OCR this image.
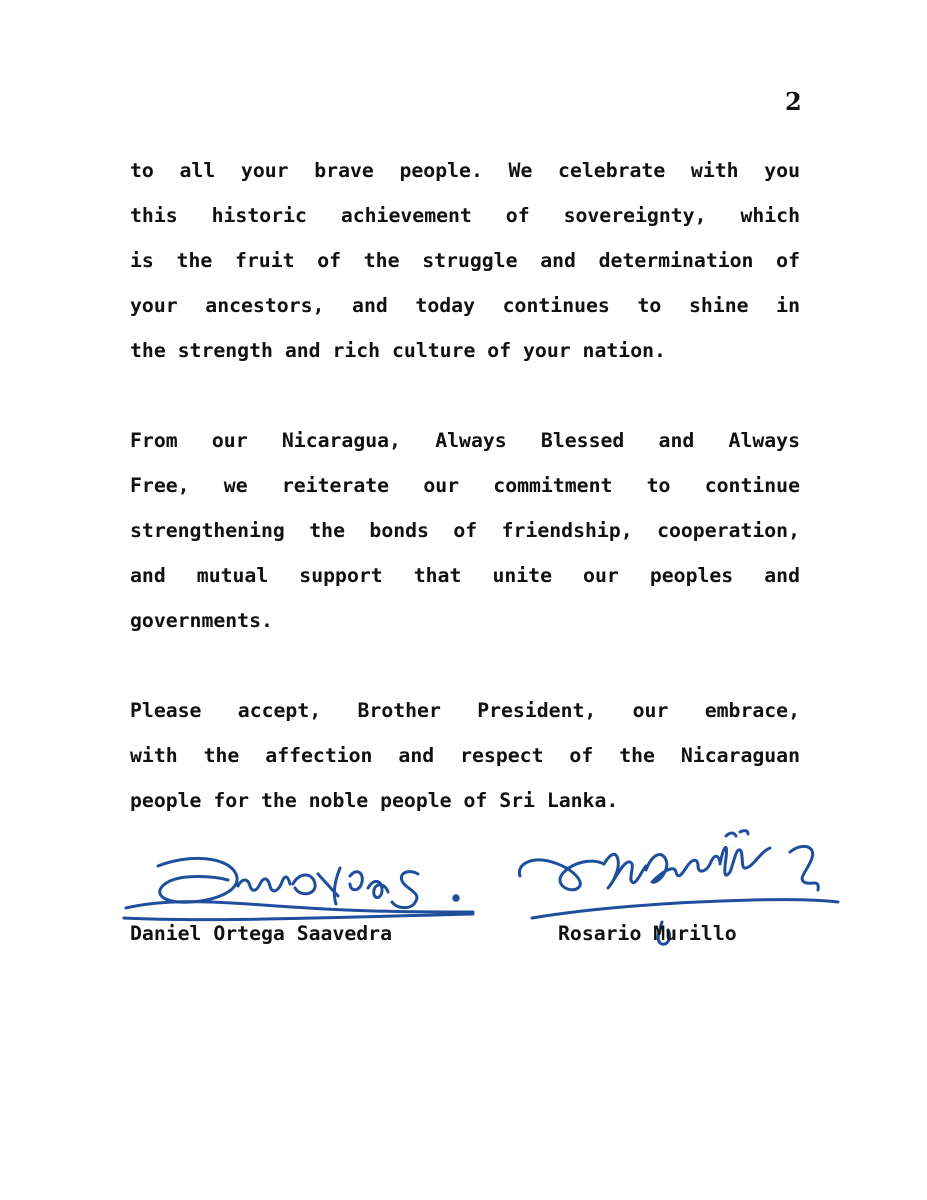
2

to all your brave people. We celebrate with you
this historic achievement of sovereignty, which
is the fruit of the struggle and determination of
your ancestors, and today continues to shine in
the strength and rich culture of your nation.

From our Nicaragua, Always Blessed and Always
Free, we reiterate our commitment to continue
strengthening the bonds of friendship, cooperation,
and mutual support that unite our peoples and
governments.

Please accept, Brother President, our embrace,
with the affection and respect of the Nicaraguan
people for the noble people of Sri Lanka.

Daniel Ortega Saavedra	Rosario Murillo
